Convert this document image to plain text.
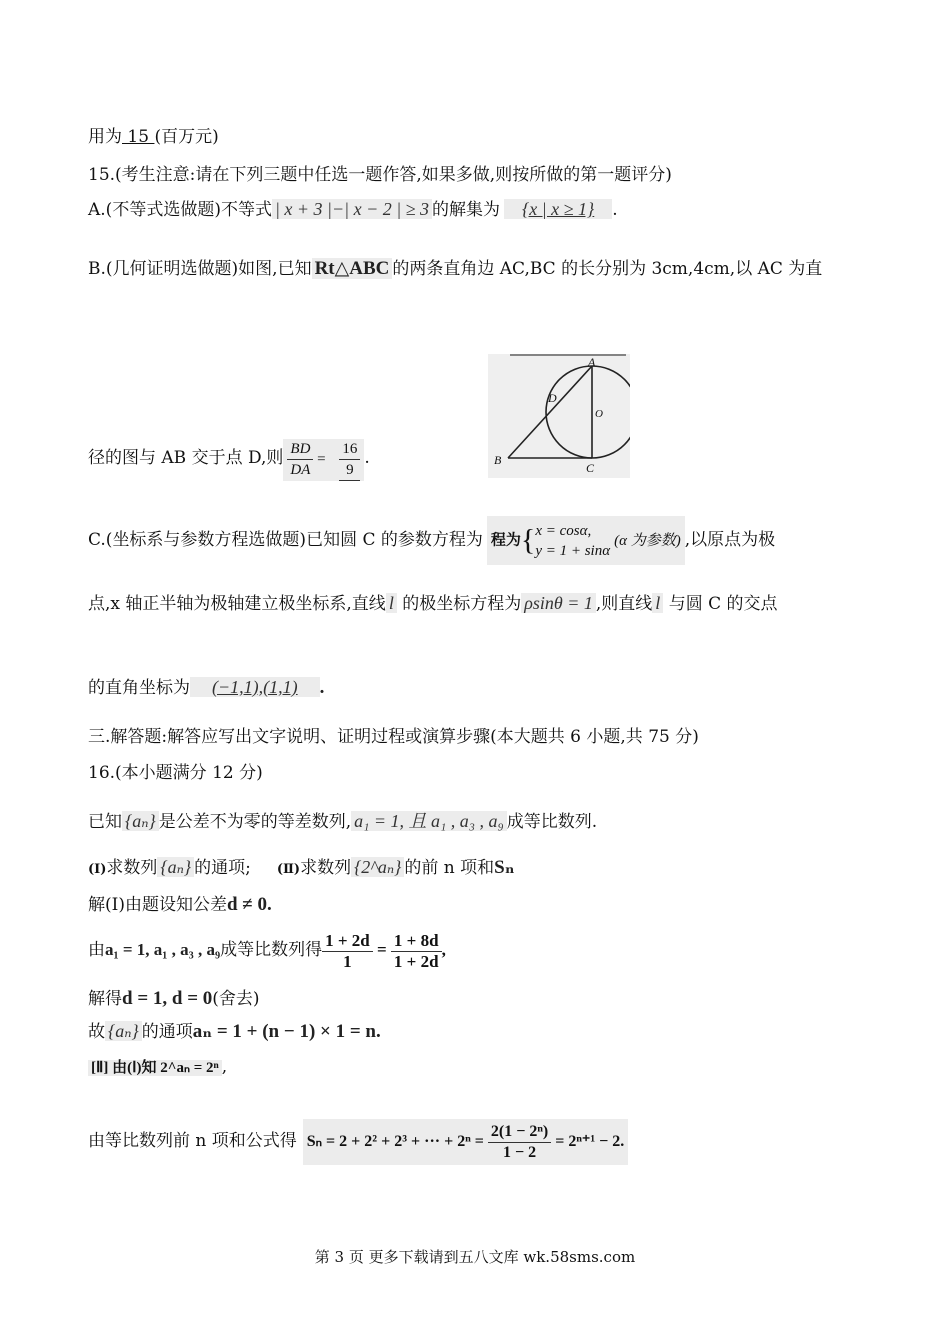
用为 15 (百万元)
15.(考生注意:请在下列三题中任选一题作答,如果多做,则按所做的第一题评分)
A.(不等式选做题)不等式 | x + 3 |−| x − 2 | ≥ 3 的解集为 {x | x ≥ 1} .
B.(几何证明选做题)如图,已知 Rt△ABC 的两条直角边 AC,BC 的长分别为 3cm,4cm,以 AC 为直
A
B
C
D
O
径的图与 AB 交于点 D,则 $\frac{BD}{DA} = \frac{16}{9}$ .
C.(坐标系与参数方程选做题)已知圆 C 的参数方程为 程为{ x = cosα,
y = 1 + sinα
(α 为参数) ,以原点为极
点,x 轴正半轴为极轴建立极坐标系,直线 l 的极坐标方程为 ρsinθ = 1 ,则直线 l 与圆 C 的交点
的直角坐标为 (−1,1),(1,1) .
三.解答题:解答应写出文字说明、证明过程或演算步骤(本大题共 6 小题,共 75 分)
16.(本小题满分 12 分)
已知 {aₙ} 是公差不为零的等差数列, a₁ = 1, 且 a₁ , a₃ , a₉ 成等比数列.
(Ⅰ)求数列 {aₙ} 的通项; (Ⅱ)求数列 {2^aₙ} 的前 n 项和Sₙ
解(Ⅰ)由题设知公差d ≠ 0.
由a₁ = 1, a₁ , a₃ , a₉成等比数列得 $\frac{1 + 2d}{1} = \frac{1 + 8d}{1 + 2d}$ ,
解得d = 1, d = 0(舍去)
故 {aₙ} 的通项aₙ = 1 + (n − 1) × 1 = n.
[Ⅱ] 由(Ⅰ)知 2^aₙ = 2ⁿ ,
由等比数列前 n 项和公式得 Sₙ = 2 + 2² + 2³ + ··· + $2^n = \frac{\text{2(1 − 2ⁿ)}}{1 - 2} = 2^{n+1} - 2$.
第 3 页 更多下载请到五八文库 wk.58sms.com
